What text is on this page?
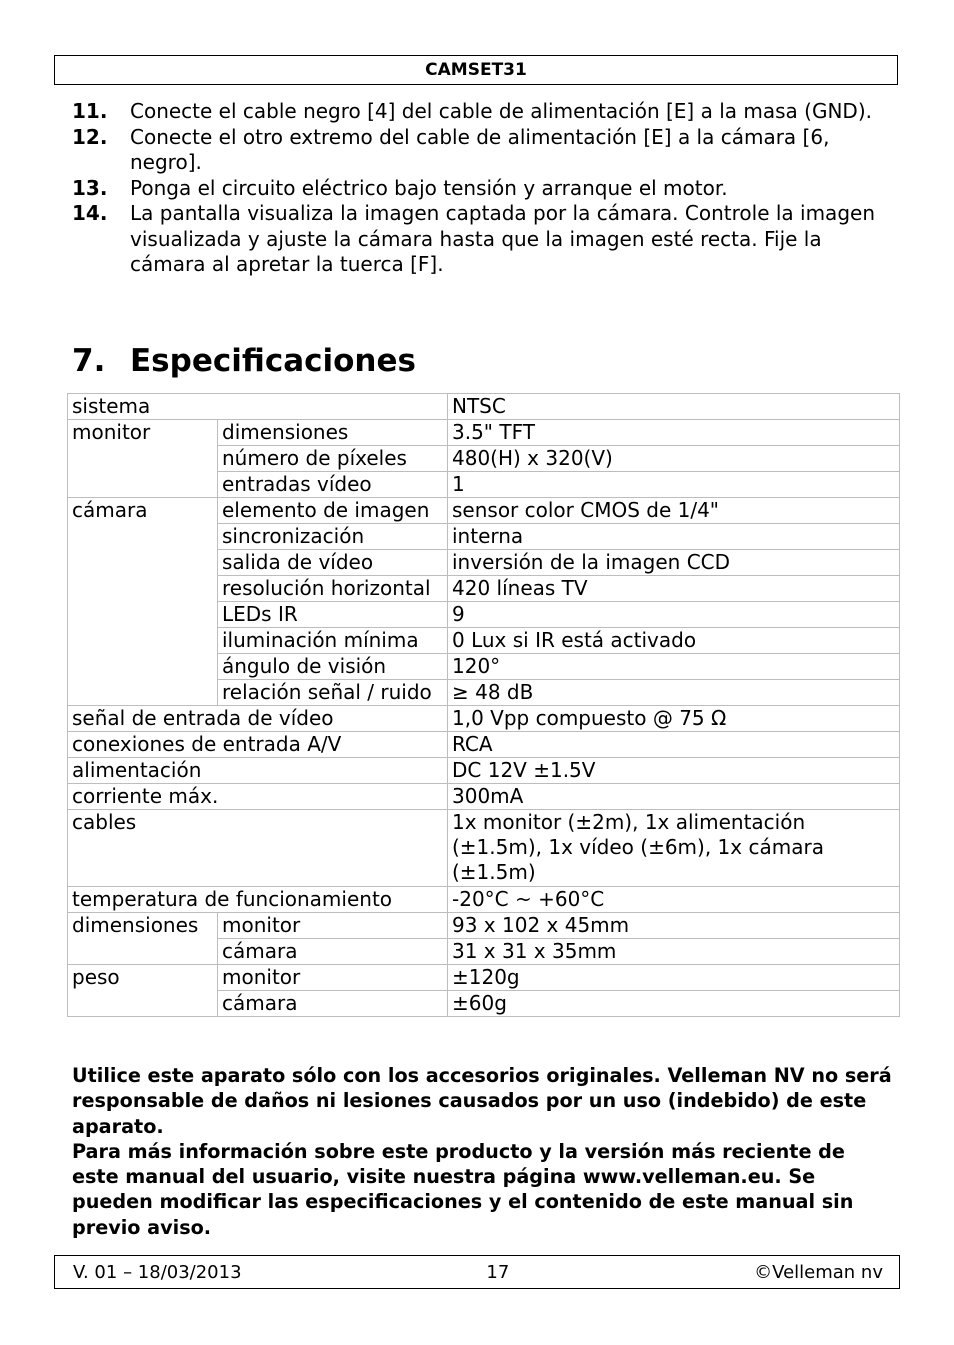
CAMSET31
11.	Conecte el cable negro [4] del cable de alimentación [E] a la masa (GND).
12.	Conecte el otro extremo del cable de alimentación [E] a la cámara [6, negro].
13.	Ponga el circuito eléctrico bajo tensión y arranque el motor.
14.	La pantalla visualiza la imagen captada por la cámara. Controle la imagen visualizada y ajuste la cámara hasta que la imagen esté recta. Fije la cámara al apretar la tuerca [F].
7. Especificaciones
sistema		NTSC
monitor	dimensiones	3.5" TFT
	número de píxeles	480(H) x 320(V)
	entradas vídeo	1
cámara	elemento de imagen	sensor color CMOS de 1/4"
	sincronización	interna
	salida de vídeo	inversión de la imagen CCD
	resolución horizontal	420 líneas TV
	LEDs IR	9
	iluminación mínima	0 Lux si IR está activado
	ángulo de visión	120°
	relación señal / ruido	≥ 48 dB
señal de entrada de vídeo		1,0 Vpp compuesto @ 75 Ω
conexiones de entrada A/V		RCA
alimentación		DC 12V ±1.5V
corriente máx.		300mA
cables		1x monitor (±2m), 1x alimentación (±1.5m), 1x vídeo (±6m), 1x cámara (±1.5m)
temperatura de funcionamiento		-20°C ~ +60°C
dimensiones	monitor	93 x 102 x 45mm
	cámara	31 x 31 x 35mm
peso	monitor	±120g
	cámara	±60g
Utilice este aparato sólo con los accesorios originales. Velleman NV no será responsable de daños ni lesiones causados por un uso (indebido) de este aparato.
Para más información sobre este producto y la versión más reciente de este manual del usuario, visite nuestra página www.velleman.eu. Se pueden modificar las especificaciones y el contenido de este manual sin previo aviso.
V. 01 – 18/03/2013	17	©Velleman nv
